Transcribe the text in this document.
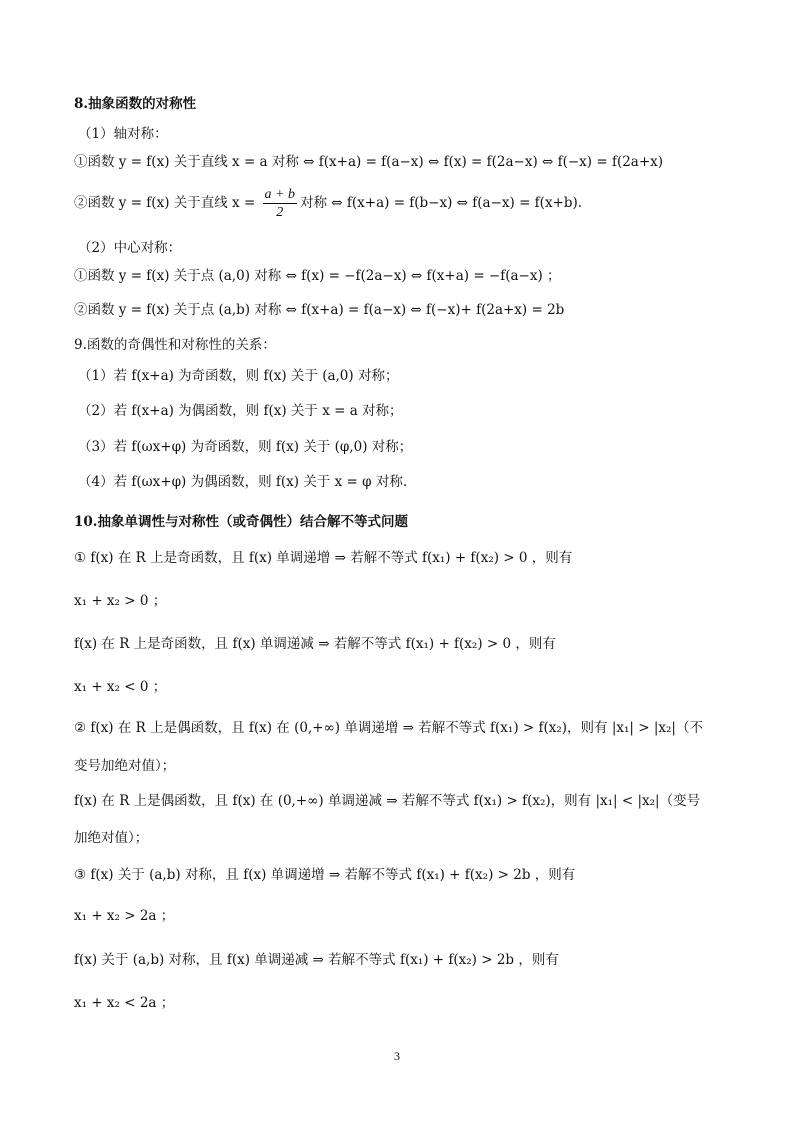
8.抽象函数的对称性
（1）轴对称：
①函数 y = f(x) 关于直线 x = a 对称 ⇔ f(x+a) = f(a−x) ⇔ f(x) = f(2a−x) ⇔ f(−x) = f(2a+x)
②函数 y = f(x) 关于直线 $x = \frac{a + b}{2}$ 对称 ⇔ f(x+a) = f(b−x) ⇔ f(a−x) = f(x+b).
（2）中心对称：
①函数 y = f(x) 关于点 (a,0) 对称 ⇔ f(x) = −f(2a−x) ⇔ f(x+a) = −f(a−x) ；
②函数 y = f(x) 关于点 (a,b) 对称 ⇔ f(x+a) = f(a−x) ⇔ f(−x)+ f(2a+x) = 2b
9.函数的奇偶性和对称性的关系：
（1）若 f(x+a) 为奇函数，则 f(x) 关于 (a,0) 对称；
（2）若 f(x+a) 为偶函数，则 f(x) 关于 x = a 对称；
（3）若 f(ωx+φ) 为奇函数，则 f(x) 关于 (φ,0) 对称；
（4）若 f(ωx+φ) 为偶函数，则 f(x) 关于 x = φ 对称.
10.抽象单调性与对称性（或奇偶性）结合解不等式问题
① f(x) 在 R 上是奇函数，且 f(x) 单调递增 ⇒ 若解不等式 f(x₁) + f(x₂) > 0 ，则有
x₁ + x₂ > 0 ；
f(x) 在 R 上是奇函数，且 f(x) 单调递减 ⇒ 若解不等式 f(x₁) + f(x₂) > 0 ，则有
x₁ + x₂ < 0 ；
② f(x) 在 R 上是偶函数，且 f(x) 在 (0,+∞) 单调递增 ⇒ 若解不等式 f(x₁) > f(x₂)，则有 |x₁| > |x₂|（不
变号加绝对值）；
f(x) 在 R 上是偶函数，且 f(x) 在 (0,+∞) 单调递减 ⇒ 若解不等式 f(x₁) > f(x₂)，则有 |x₁| < |x₂|（变号
加绝对值）；
③ f(x) 关于 (a,b) 对称，且 f(x) 单调递增 ⇒ 若解不等式 f(x₁) + f(x₂) > 2b ，则有
x₁ + x₂ > 2a ；
f(x) 关于 (a,b) 对称，且 f(x) 单调递减 ⇒ 若解不等式 f(x₁) + f(x₂) > 2b ，则有
x₁ + x₂ < 2a ；
3
